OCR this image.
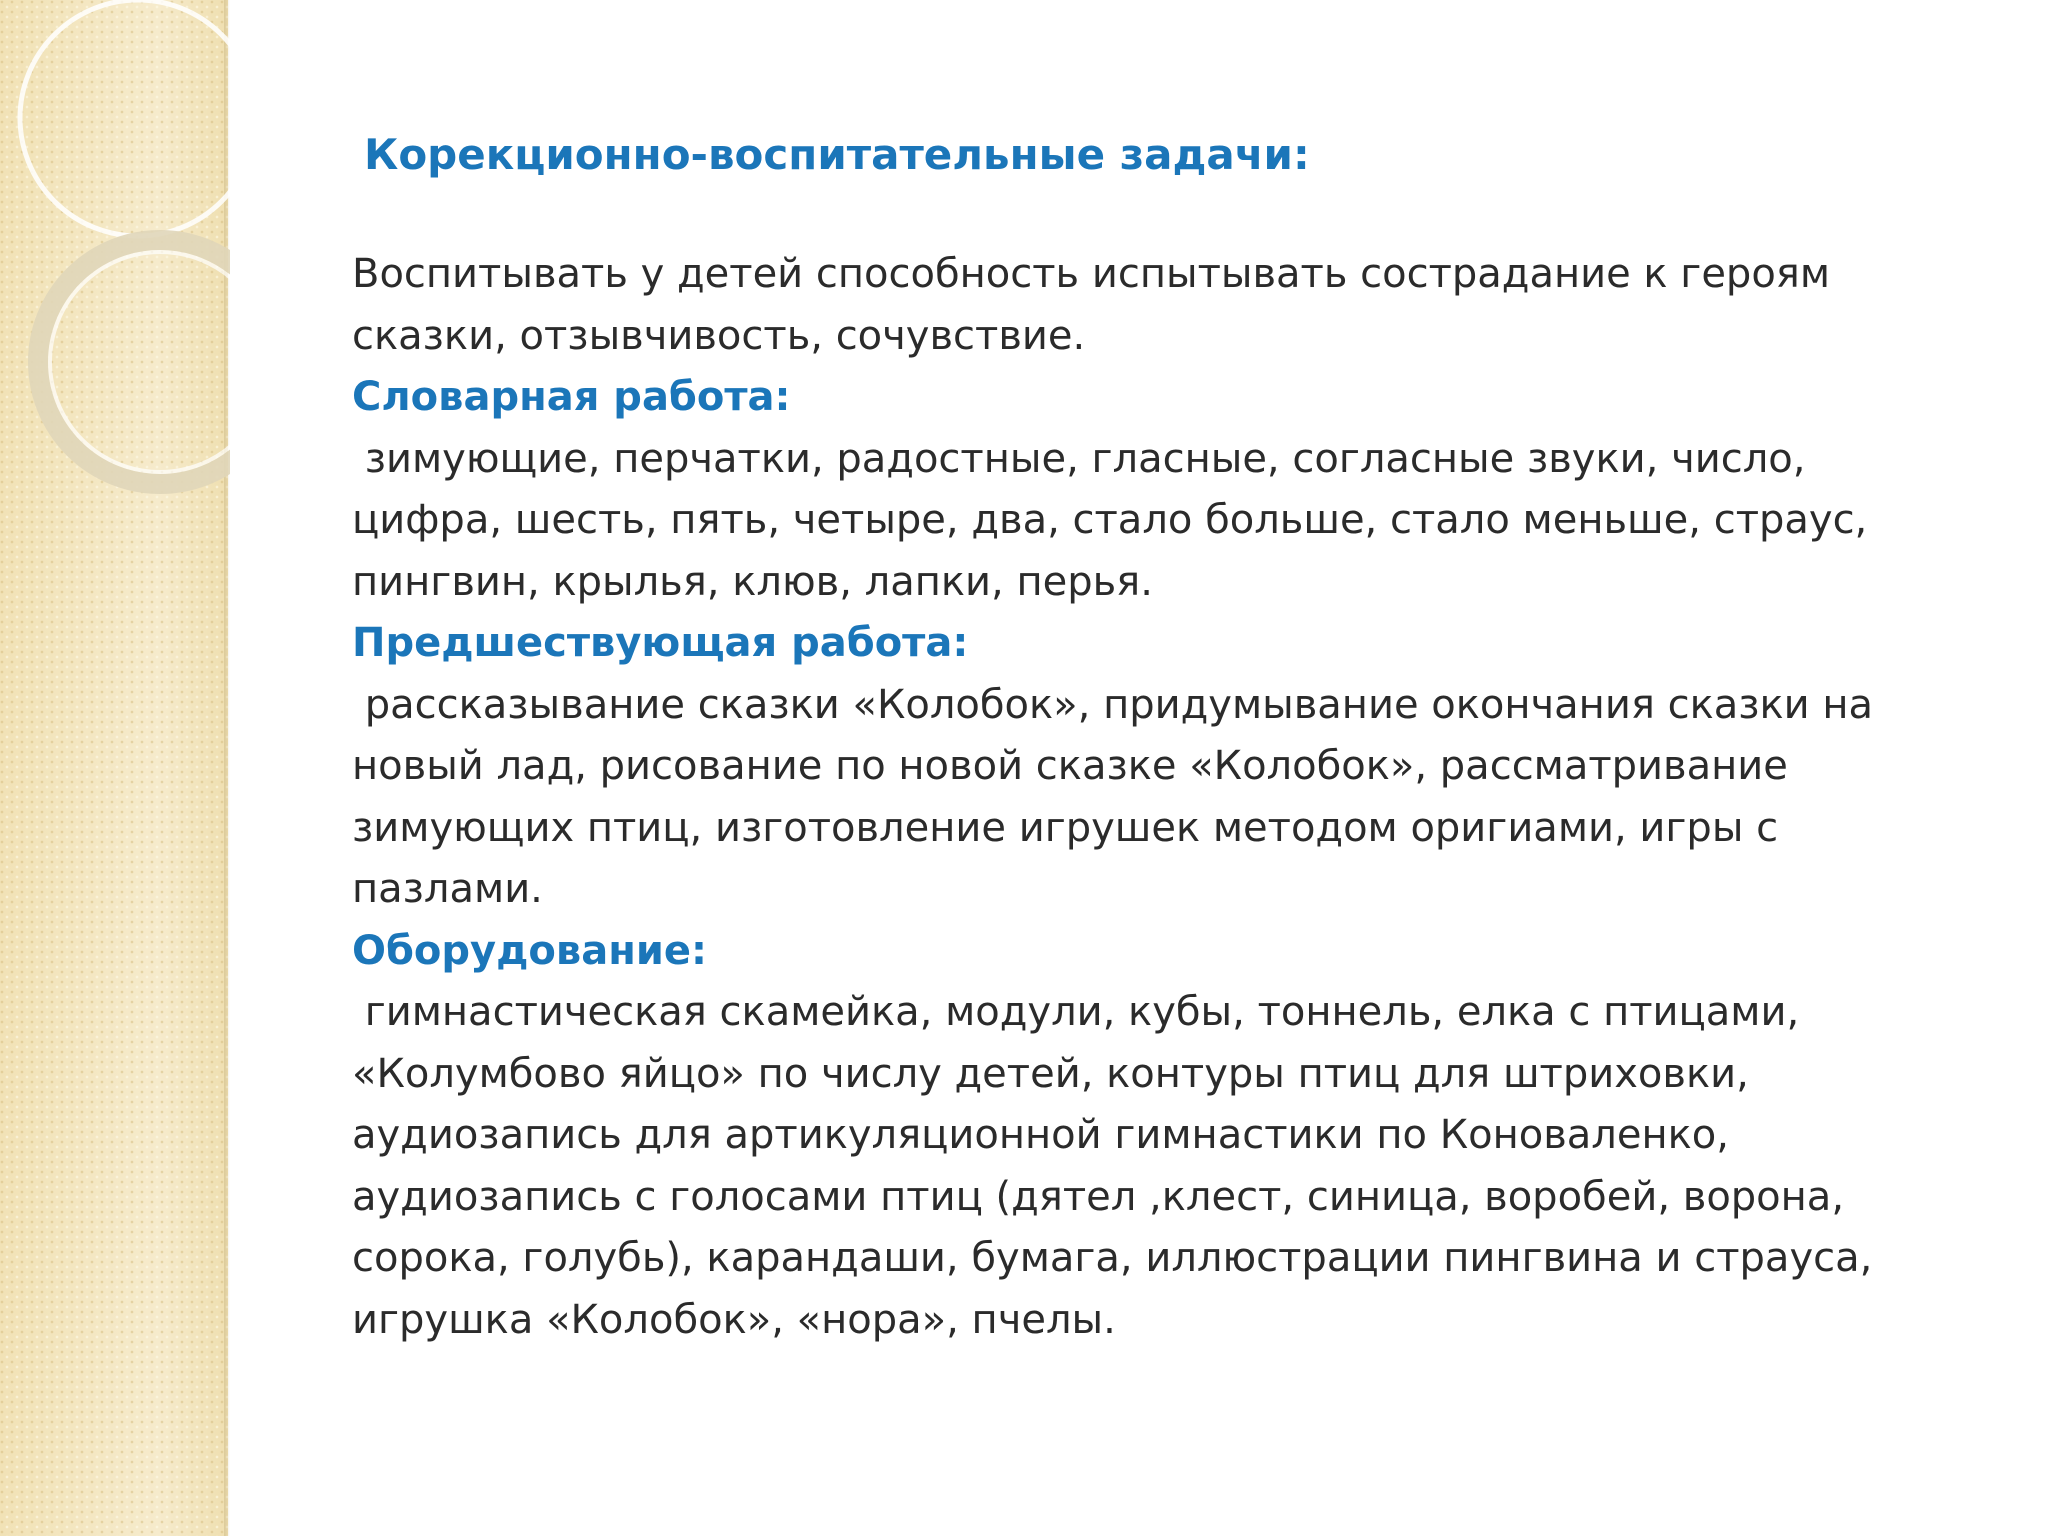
Корекционно-воспитательные задачи:

Воспитывать у детей способность испытывать сострадание к героям сказки, отзывчивость, сочувствие.

Словарная работа:

зимующие, перчатки, радостные, гласные, согласные звуки, число, цифра, шесть, пять, четыре, два, стало больше, стало меньше, страус, пингвин, крылья, клюв, лапки, перья.

Предшествующая работа:

рассказывание сказки «Колобок», придумывание окончания сказки на новый лад, рисование по новой сказке «Колобок», рассматривание зимующих птиц, изготовление игрушек методом оригиами, игры с пазлами.

Оборудование:

гимнастическая скамейка, модули, кубы, тоннель, елка с птицами, «Колумбово яйцо» по числу детей, контуры птиц для штриховки, аудиозапись для артикуляционной гимнастики по Коноваленко, аудиозапись с голосами птиц (дятел ,клест, синица, воробей, ворона, сорока, голубь), карандаши, бумага, иллюстрации пингвина и страуса, игрушка «Колобок», «нора», пчелы.
